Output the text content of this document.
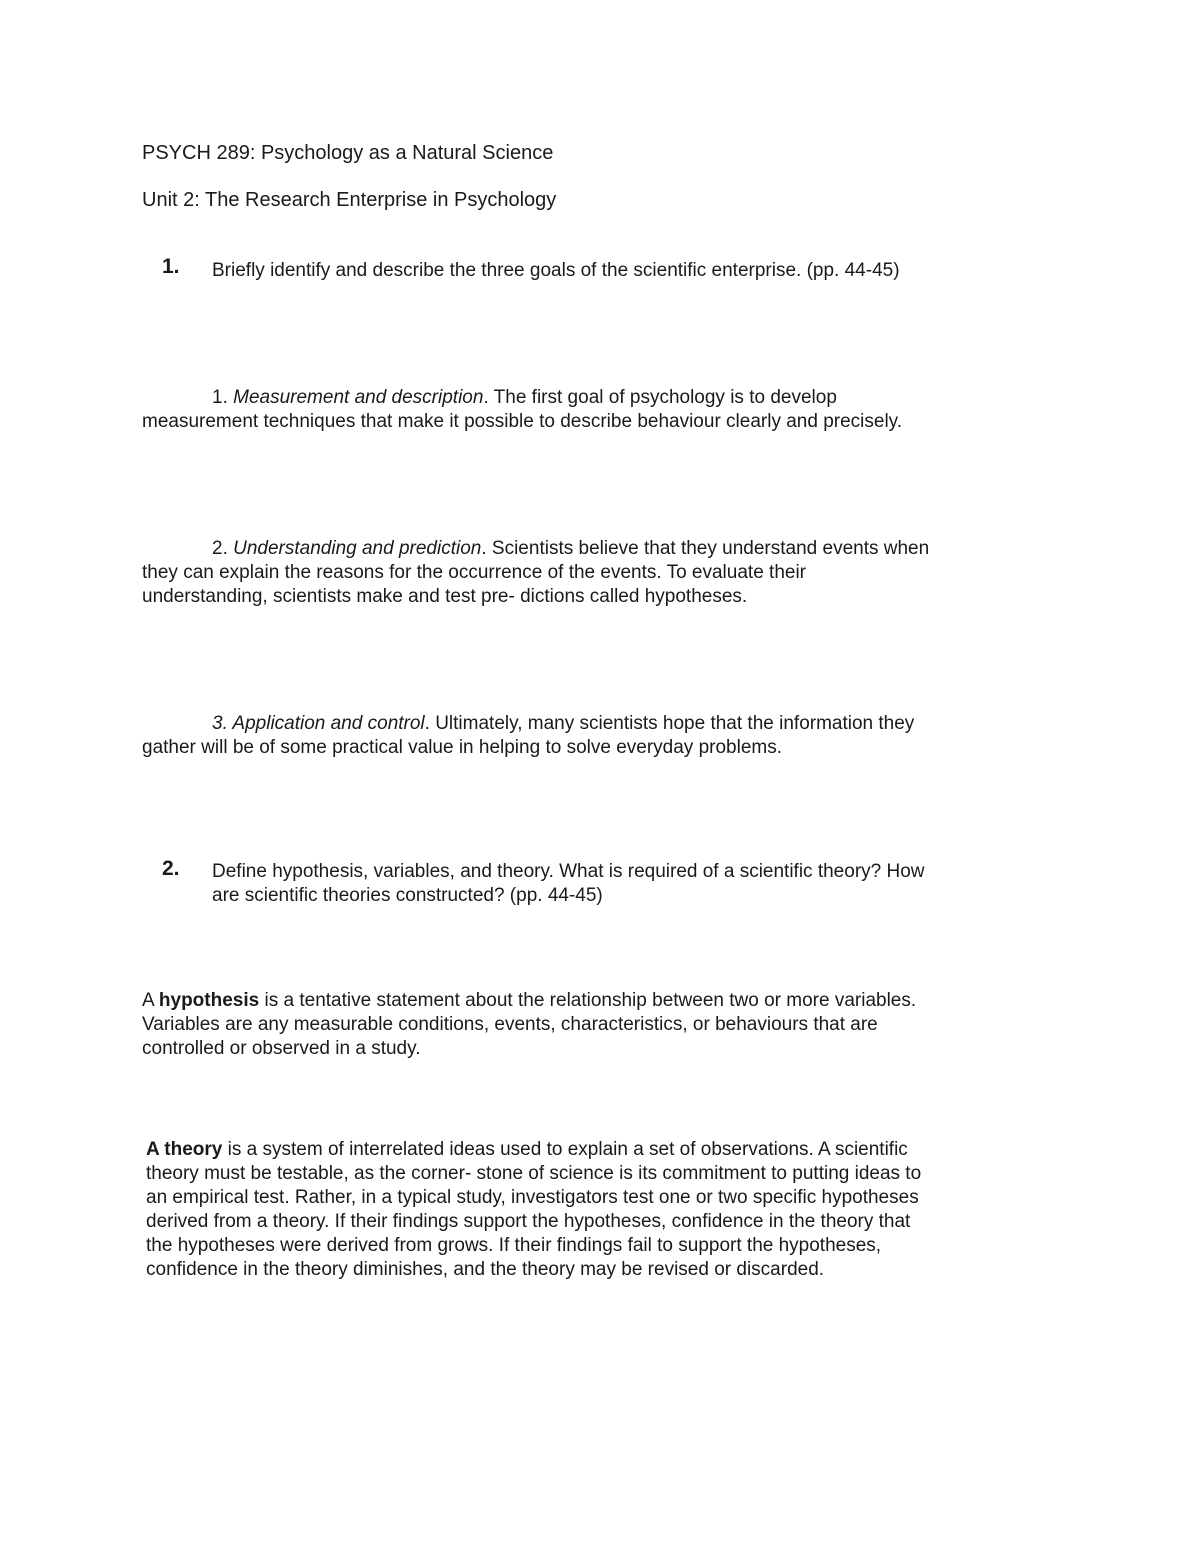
PSYCH 289: Psychology as a Natural Science

Unit 2: The Research Enterprise in Psychology

1. Briefly identify and describe the three goals of the scientific enterprise. (pp. 44-45)

1. Measurement and description. The first goal of psychology is to develop measurement techniques that make it possible to describe behaviour clearly and precisely.

2. Understanding and prediction. Scientists believe that they understand events when they can explain the reasons for the occurrence of the events. To evaluate their understanding, scientists make and test pre- dictions called hypotheses.

3. Application and control. Ultimately, many scientists hope that the information they gather will be of some practical value in helping to solve everyday problems.

2. Define hypothesis, variables, and theory. What is required of a scientific theory? How are scientific theories constructed? (pp. 44-45)

A hypothesis is a tentative statement about the relationship between two or more variables. Variables are any measurable conditions, events, characteristics, or behaviours that are controlled or observed in a study.

A theory is a system of interrelated ideas used to explain a set of observations. A scientific theory must be testable, as the corner- stone of science is its commitment to putting ideas to an empirical test. Rather, in a typical study, investigators test one or two specific hypotheses derived from a theory. If their findings support the hypotheses, confidence in the theory that the hypotheses were derived from grows. If their findings fail to support the hypotheses, confidence in the theory diminishes, and the theory may be revised or discarded.
